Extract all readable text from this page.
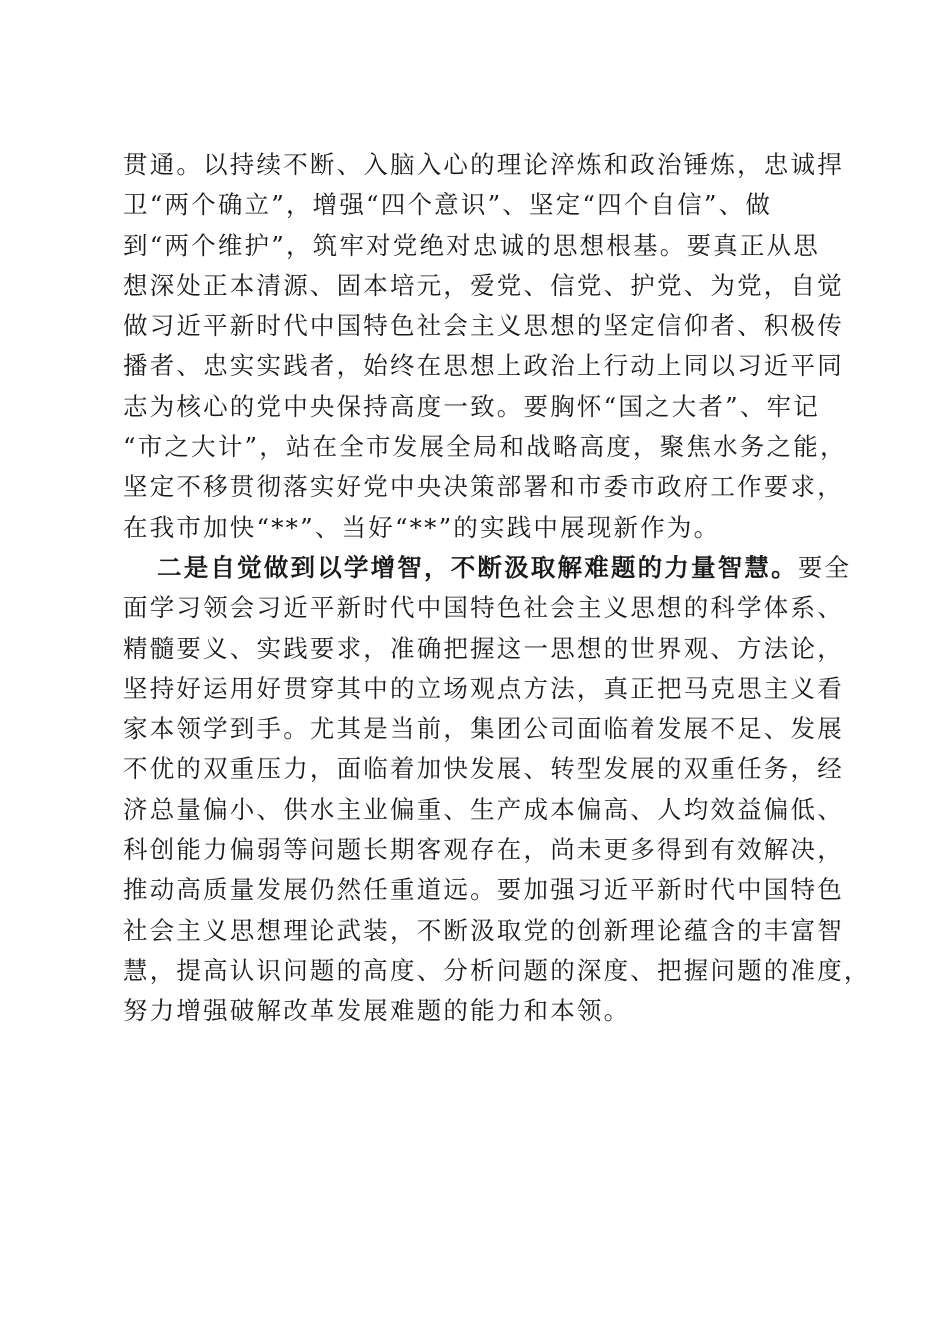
贯通。以持续不断、入脑入心的理论淬炼和政治锤炼，忠诚捍
卫“两个确立”，增强“四个意识”、坚定“四个自信”、做
到“两个维护”，筑牢对党绝对忠诚的思想根基。要真正从思
想深处正本清源、固本培元，爱党、信党、护党、为党，自觉
做习近平新时代中国特色社会主义思想的坚定信仰者、积极传
播者、忠实实践者，始终在思想上政治上行动上同以习近平同
志为核心的党中央保持高度一致。要胸怀“国之大者”、牢记
“市之大计”，站在全市发展全局和战略高度，聚焦水务之能，
坚定不移贯彻落实好党中央决策部署和市委市政府工作要求，
在我市加快“**”、当好“**”的实践中展现新作为。
二是自觉做到以学增智，不断汲取解难题的力量智慧。要全
面学习领会习近平新时代中国特色社会主义思想的科学体系、
精髓要义、实践要求，准确把握这一思想的世界观、方法论，
坚持好运用好贯穿其中的立场观点方法，真正把马克思主义看
家本领学到手。尤其是当前，集团公司面临着发展不足、发展
不优的双重压力，面临着加快发展、转型发展的双重任务，经
济总量偏小、供水主业偏重、生产成本偏高、人均效益偏低、
科创能力偏弱等问题长期客观存在，尚未更多得到有效解决，
推动高质量发展仍然任重道远。要加强习近平新时代中国特色
社会主义思想理论武装，不断汲取党的创新理论蕴含的丰富智
慧，提高认识问题的高度、分析问题的深度、把握问题的准度，
努力增强破解改革发展难题的能力和本领。
